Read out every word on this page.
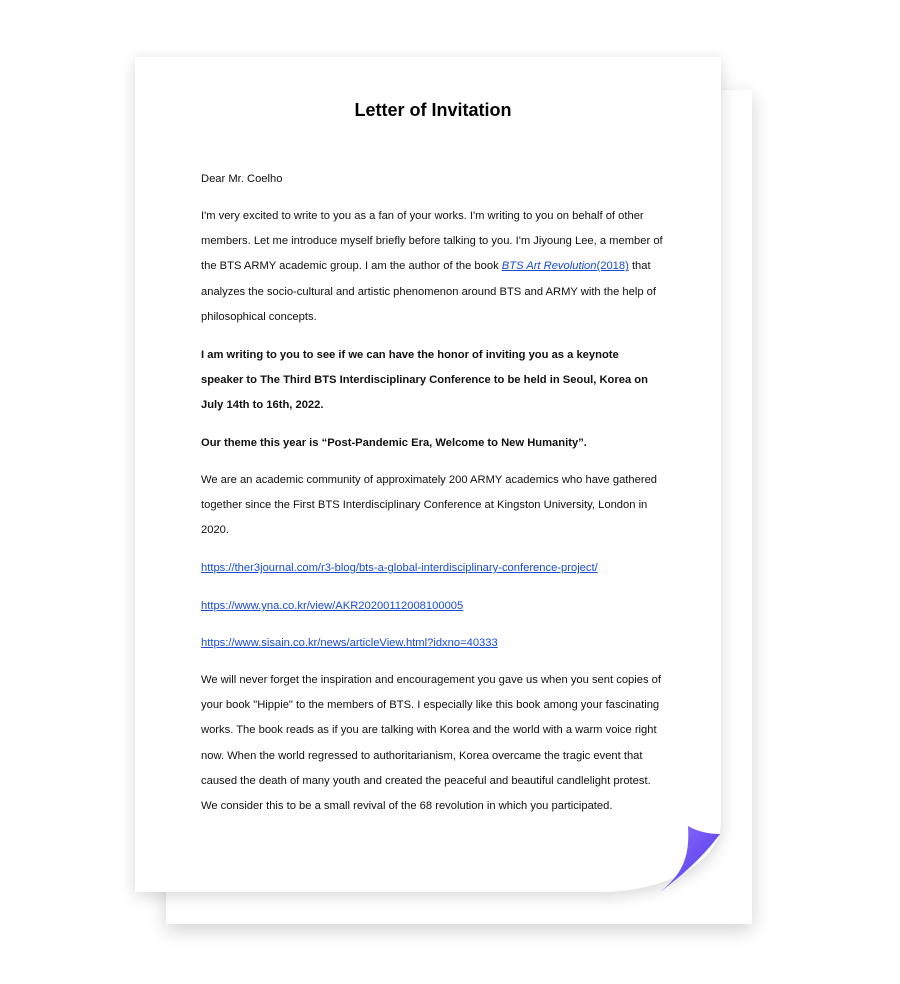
Letter of Invitation

Dear Mr. Coelho

I'm very excited to write to you as a fan of your works. I'm writing to you on behalf of other members. Let me introduce myself briefly before talking to you. I'm Jiyoung Lee, a member of the BTS ARMY academic group. I am the author of the book BTS Art Revolution(2018) that analyzes the socio-cultural and artistic phenomenon around BTS and ARMY with the help of philosophical concepts.

I am writing to you to see if we can have the honor of inviting you as a keynote speaker to The Third BTS Interdisciplinary Conference to be held in Seoul, Korea on July 14th to 16th, 2022.

Our theme this year is “Post-Pandemic Era, Welcome to New Humanity”.

We are an academic community of approximately 200 ARMY academics who have gathered together since the First BTS Interdisciplinary Conference at Kingston University, London in 2020.

https://ther3journal.com/r3-blog/bts-a-global-interdisciplinary-conference-project/

https://www.yna.co.kr/view/AKR20200112008100005

https://www.sisain.co.kr/news/articleView.html?idxno=40333

We will never forget the inspiration and encouragement you gave us when you sent copies of your book "Hippie" to the members of BTS. I especially like this book among your fascinating works. The book reads as if you are talking with Korea and the world with a warm voice right now. When the world regressed to authoritarianism, Korea overcame the tragic event that caused the death of many youth and created the peaceful and beautiful candlelight protest. We consider this to be a small revival of the 68 revolution in which you participated.
